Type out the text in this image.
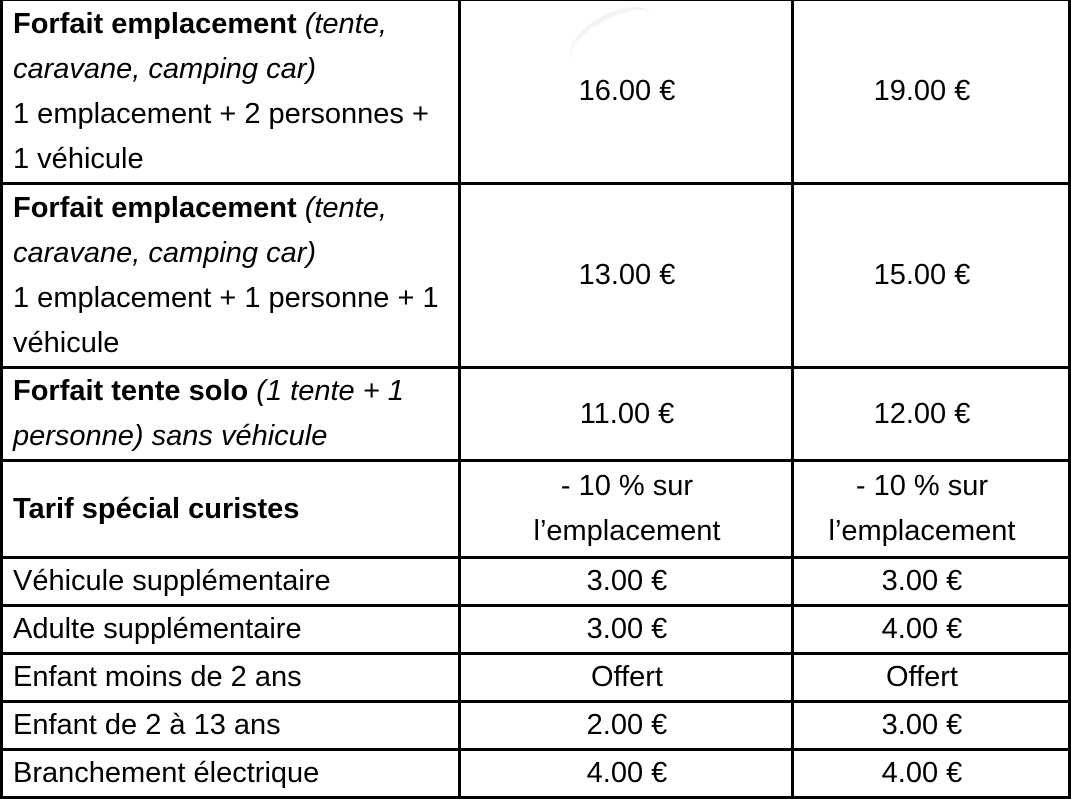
Forfait emplacement (tente, caravane, camping car)
1 emplacement + 2 personnes + 1 véhicule	16.00 €	19.00 €
Forfait emplacement (tente, caravane, camping car)
1 emplacement + 1 personne + 1 véhicule	13.00 €	15.00 €
Forfait tente solo (1 tente + 1 personne) sans véhicule	11.00 €	12.00 €
Tarif spécial curistes	- 10 % sur l’emplacement	- 10 % sur l’emplacement
Véhicule supplémentaire	3.00 €	3.00 €
Adulte supplémentaire	3.00 €	4.00 €
Enfant moins de 2 ans	Offert	Offert
Enfant de 2 à 13 ans	2.00 €	3.00 €
Branchement électrique	4.00 €	4.00 €
